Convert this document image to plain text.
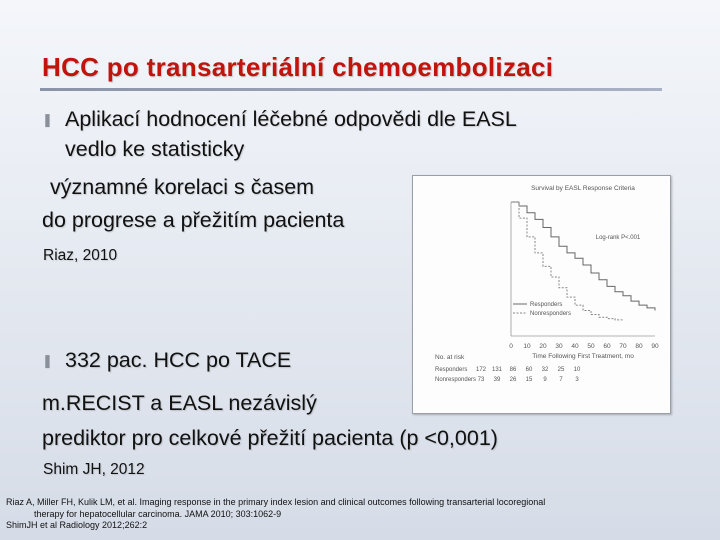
HCC po transarteriální chemoembolizaci
❚ Aplikací hodnocení léčebné odpovědi dle EASL
vedlo ke statisticky
významné korelaci s časem
do progrese a přežitím pacienta
Riaz, 2010
❚ 332 pac. HCC po TACE
m.RECIST a EASL nezávislý
prediktor pro celkové přežití pacienta (p <0,001)
Shim JH, 2012
Riaz A, Miller FH, Kulik LM, et al. Imaging response in the primary index lesion and clinical outcomes following transarterial locoregional
therapy for hepatocellular carcinoma. JAMA 2010; 303:1062-9
ShimJH et al Radiology 2012;262:2
Survival by EASL Response Criteria
Log-rank P<.001
Responders
Nonresponders
0 10 20 30 40 50 60 70 80 90
Time Following First Treatment, mo
No. at risk
Responders 172 131 86 60 32 25 10
Nonresponders 73 39 26 15 9 7 3
